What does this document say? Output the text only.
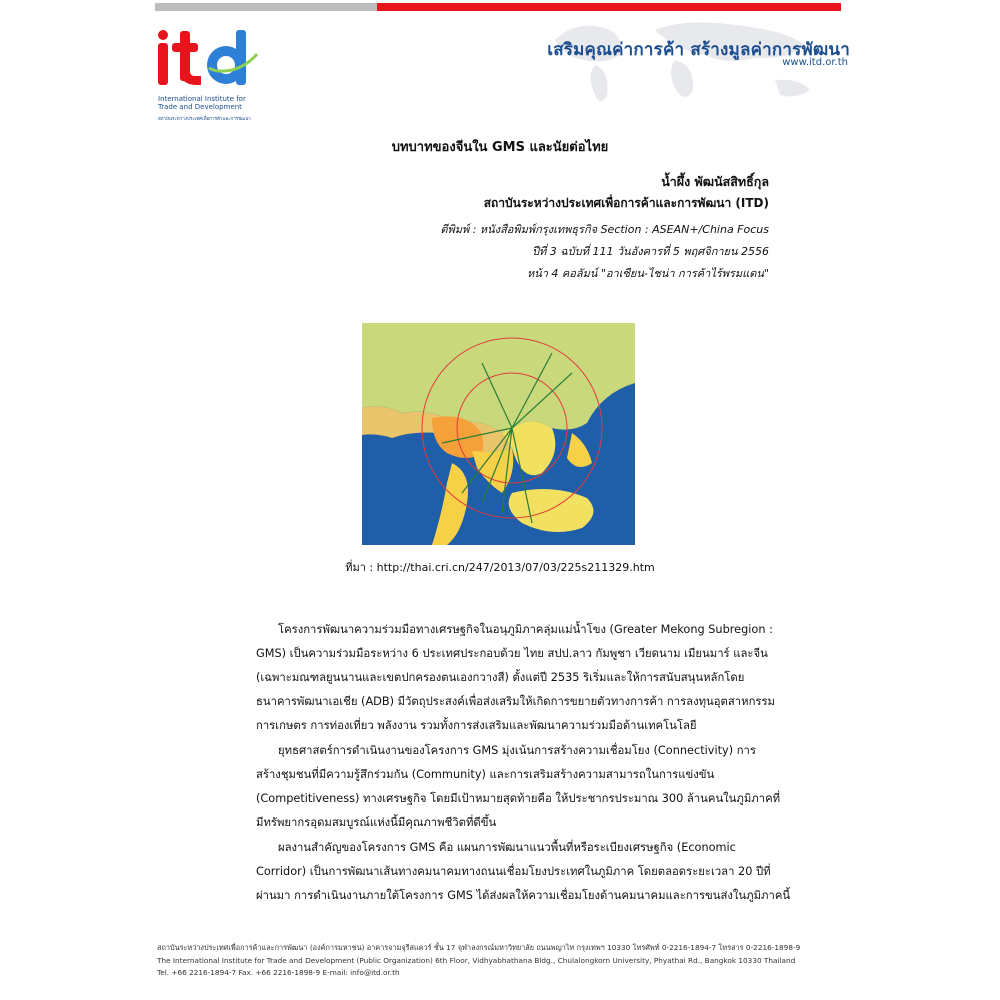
International Institute for
Trade and Development
สถาบันระหว่างประเทศเพื่อการค้าและการพัฒนา
เสริมคุณค่าการค้า สร้างมูลค่าการพัฒนา
www.itd.or.th
บทบาทของจีนใน GMS และนัยต่อไทย
น้ำผึ้ง พัฒนัสสิทธิ์กุล
สถาบันระหว่างประเทศเพื่อการค้าและการพัฒนา (ITD)
ตีพิมพ์ : หนังสือพิมพ์กรุงเทพธุรกิจ Section : ASEAN+/China Focus
ปีที่ 3 ฉบับที่ 111 วันอังคารที่ 5 พฤศจิกายน 2556
หน้า 4 คอลัมน์ "อาเซียน-ไชน่า การค้าไร้พรมแดน"
ที่มา : http://thai.cri.cn/247/2013/07/03/225s211329.htm
โครงการพัฒนาความร่วมมือทางเศรษฐกิจในอนุภูมิภาคลุ่มแม่น้ำโขง (Greater Mekong Subregion :
GMS) เป็นความร่วมมือระหว่าง 6 ประเทศประกอบด้วย ไทย สปป.ลาว กัมพูชา เวียดนาม เมียนมาร์ และจีน
(เฉพาะมณฑลยูนนานและเขตปกครองตนเองกวางสี) ตั้งแต่ปี 2535 ริเริ่มและให้การสนับสนุนหลักโดย
ธนาคารพัฒนาเอเชีย (ADB) มีวัตถุประสงค์เพื่อส่งเสริมให้เกิดการขยายตัวทางการค้า การลงทุนอุตสาหกรรม
การเกษตร การท่องเที่ยว พลังงาน รวมทั้งการส่งเสริมและพัฒนาความร่วมมือด้านเทคโนโลยี
ยุทธศาสตร์การดำเนินงานของโครงการ GMS มุ่งเน้นการสร้างความเชื่อมโยง (Connectivity) การ
สร้างชุมชนที่มีความรู้สึกร่วมกัน (Community) และการเสริมสร้างความสามารถในการแข่งขัน
(Competitiveness) ทางเศรษฐกิจ โดยมีเป้าหมายสุดท้ายคือ ให้ประชากรประมาณ 300 ล้านคนในภูมิภาคที่
มีทรัพยากรอุดมสมบูรณ์แห่งนี้มีคุณภาพชีวิตที่ดีขึ้น
ผลงานสำคัญของโครงการ GMS คือ แผนการพัฒนาแนวพื้นที่หรือระเบียงเศรษฐกิจ (Economic
Corridor) เป็นการพัฒนาเส้นทางคมนาคมทางถนนเชื่อมโยงประเทศในภูมิภาค โดยตลอดระยะเวลา 20 ปีที่
ผ่านมา การดำเนินงานภายใต้โครงการ GMS ได้ส่งผลให้ความเชื่อมโยงด้านคมนาคมและการขนส่งในภูมิภาคนี้
สถาบันระหว่างประเทศเพื่อการค้าและการพัฒนา (องค์การมหาชน) อาคารจามจุรีสแควร์ ชั้น 17 จุฬาลงกรณ์มหาวิทยาลัย ถนนพญาไท กรุงเทพฯ 10330 โทรศัพท์ 0-2216-1894-7 โทรสาร 0-2216-1898-9
The International Institute for Trade and Development (Public Organization) 6th Floor, Vidhyabhathana Bldg., Chulalongkorn University, Phyathai Rd., Bangkok 10330 Thailand
Tel. +66 2216-1894-7 Fax. +66 2216-1898-9 E-mail: info@itd.or.th
